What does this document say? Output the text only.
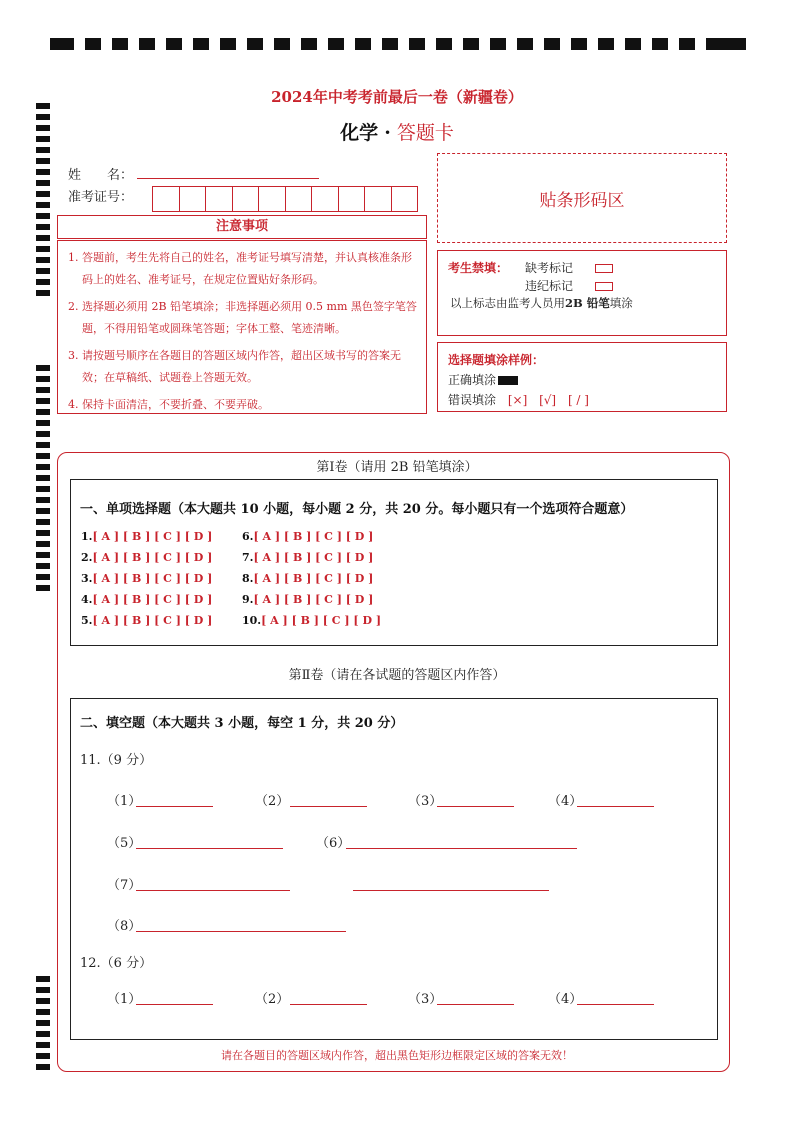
2024年中考考前最后一卷（新疆卷）
化学 · 答题卡
姓　　名：
准考证号：	贴条形码区
注意事项

1. 答题前，考生先将自己的姓名，准考证号填写清楚，并认真核准条形码上的姓名、准考证号，在规定位置贴好条形码。

2. 选择题必须用 2B 铅笔填涂；非选择题必须用 0.5 mm 黑色签字笔答题，不得用铅笔或圆珠笔答题；字体工整、笔迹清晰。

3. 请按题号顺序在各题目的答题区域内作答，超出区域书写的答案无效；在草稿纸、试题卷上答题无效。

4. 保持卡面清洁，不要折叠、不要弄破。

考生禁填： 缺考标记
违纪标记
以上标志由监考人员用2B 铅笔填涂
选择题填涂样例：
正确填涂
错误填涂 [×] [√] [ / ]
第Ⅰ卷（请用 2B 铅笔填涂）
一、单项选择题（本大题共 10 小题，每小题 2 分，共 20 分。每小题只有一个选项符合题意）
1.[ A ] [ B ] [ C ] [ D ]
2.[ A ] [ B ] [ C ] [ D ]
3.[ A ] [ B ] [ C ] [ D ]
4.[ A ] [ B ] [ C ] [ D ]
5.[ A ] [ B ] [ C ] [ D ]
6.[ A ] [ B ] [ C ] [ D ]
7.[ A ] [ B ] [ C ] [ D ]
8.[ A ] [ B ] [ C ] [ D ]
9.[ A ] [ B ] [ C ] [ D ]
10.[ A ] [ B ] [ C ] [ D ]
第Ⅱ卷（请在各试题的答题区内作答）
二、填空题（本大题共 3 小题，每空 1 分，共 20 分）
11.（9 分）
（1）	（2）	（3）	（4）
（5）	（6）
（7）
（8）
12.（6 分）
（1）	（2）	（3）	（4）
请在各题目的答题区域内作答，超出黑色矩形边框限定区域的答案无效！
